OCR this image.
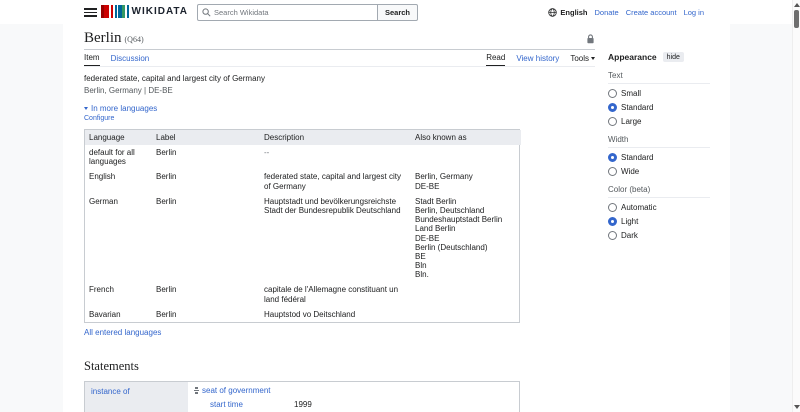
WIKIDATA
Search Wikidata	Search	English Donate Create account Log in
Berlin (Q64)
Item Discussion	Read View history Tools
federated state, capital and largest city of Germany
Berlin, Germany | DE-BE
In more languages
Configure
Language	Label	Description	Also known as
default for all languages	Berlin	--	
English	Berlin	federated state, capital and largest city of Germany	Berlin, Germany
DE-BE

German	Berlin	Hauptstadt und bevölkerungsreichste Stadt der Bundesrepublik Deutschland	
Stadt Berlin
Berlin, Deutschland
Bundeshauptstadt Berlin
Land Berlin
DE-BE
Berlin (Deutschland)
BE
Bln
Bln.

French	Berlin	capitale de l'Allemagne constituant un land fédéral	
Bavarian	Berlin	Hauptstod vo Deitschland	
All entered languages
Statements
instance of	seat of government
start time	1999
Appearance	hide
Text
Small
Standard
Large
Width
Standard
Wide
Color (beta)
Automatic
Light
Dark
